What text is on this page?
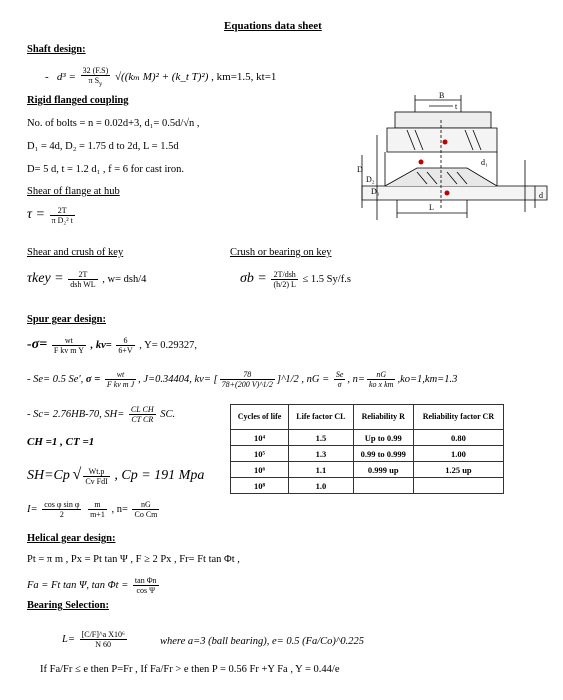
Equations data sheet
Shaft design:
- $d^3 = \frac{32 (F.S)}{\pi S_y} √((k_m$ M)² + (k_t T)²) , km=1.5, kt=1
Rigid flanged coupling
No. of bolts = n = 0.02d+3, d₁= 0.5d/√n ,
D₁ = 4d, D₂ = 1.75 d to 2d, L = 1.5d
D= 5 d, t = 1.2 d₁ , f = 6 for cast iron.
Shear of flange at hub
$\tau = \frac{2T}{\text{π D₂² t}}$
Shear and crush of key	Crush or bearing on key
$\tau key = \frac{2T}{\text{dsh WL}}$ , w= dsh/4	$\sigma b = \frac{\text{2T/dsh}}{(h/2) L} \le 1.5$ Sy/f.s
B
t
d₁
D
D₂
D₁
L
d
Spur gear design:
$-\sigma= \frac{wt}{\text{F kv m Y}}$ , $kv= \frac{6}{6+V}$ , Y= 0.29327,
- Se= 0.5 Se', $\sigma = \frac{wt}{\text{F kv m J}}$ , J=0.34404, kv= [ $\frac{78}{78+(200 V)\^{}1/2}$ ]^1/2 , nG = $\frac{Se}{\sigma}$ , $n= \frac{nG}{\text{ko x km}} ,ko=1,km=1.3$
- Sc= 2.76HB-70, $SH= \frac{\text{CL CH}}{\text{CT CR}}$ SC.
CH =1 , CT =1
SH=Cp √ $\frac{Wt.p}{\text{Cv FdI}}$ , Cp = 191 Mpa
$I= \frac{\text{cos φ sin φ}}{2}$
$\frac{m}{m+1}$ , $n= \frac{nG}{\text{Co Cm}}$
Cycles of life	Life factor CL	Reliability R	Reliability factor CR
10⁴	1.5	Up to 0.99	0.80
10⁵	1.3	0.99 to 0.999	1.00
10⁶	1.1	0.999 up	1.25 up
10⁸	1.0		
Helical gear design:
Pt = π m , Px = Pt tan Ψ , F ≥ 2 Px , Fr= Ft tan Φt ,
Fa = Ft tan Ψ, $\tan \Phi t = \frac{\text{tan Φn}}{\text{cos Ψ}}$
Bearing Selection:
$L= \frac{\text{[C/F]\textasciicircum{}a X10⁶}}{N 60}$	where a=3 (ball bearing), e= 0.5 (Fa/Co)^0.225
If Fa/Fr ≤ e then P=Fr , If Fa/Fr > e then P = 0.56 Fr +Y Fa , Y = 0.44/e
